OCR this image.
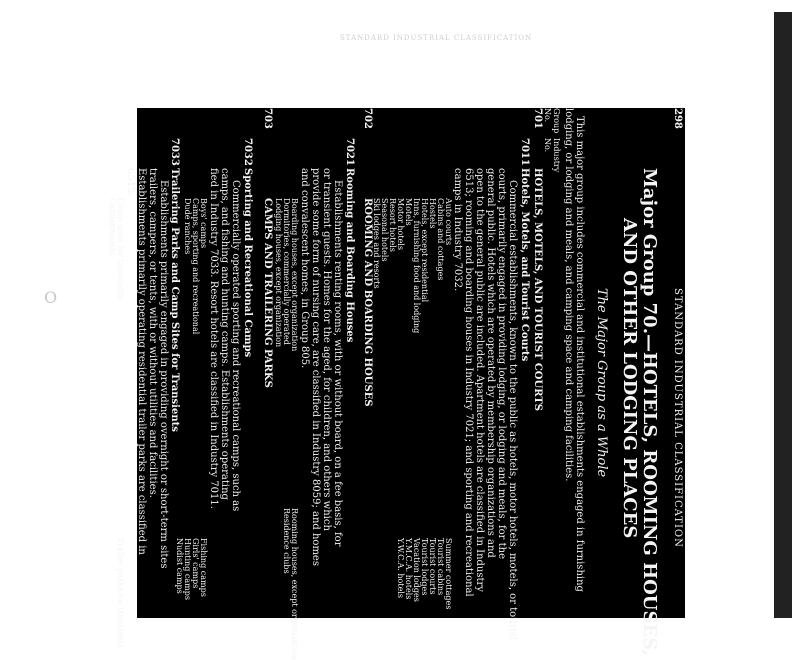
STANDARD INDUSTRIAL CLASSIFICATION
O
298
STANDARD INDUSTRIAL CLASSIFICATION
Major Group 70.—HOTELS, ROOMING HOUSES,
AND OTHER LODGING PLACES
The Major Group as a Whole
This major group includes commercial and institutional establishments engaged in furnishing
lodging, or lodging and meals, and camping space and camping facilities.
Group
Industry
No.
No.
701
HOTELS, MOTELS, AND TOURIST COURTS
7011
Hotels, Motels, and Tourist Courts
Commercial establishments, known to the public as hotels, motor hotels, motels, or tourist
courts, primarily engaged in providing lodging, or lodging and meals, for the
general public. Hotels which are operated by membership organizations and
open to the general public are included. Apartment hotels are classified in Industry
6513; rooming and boarding houses in Industry 7021; and sporting and recreational
camps in Industry 7032.
Auto courts
Cabins and cottages
Hostels
Hotels, except residential
Inns, furnishing food and lodging
Motels
Motor hotels
Resort hotels
Seasonal hotels
Ski lodges and resorts
Summer cottages
Tourist cabins
Tourist courts
Tourist lodges
Vacation lodges
Y.M.C.A. hotels
Y.W.C.A. hotels
702
ROOMING AND BOARDING HOUSES
7021
Rooming and Boarding Houses
Establishments renting rooms, with or without board, on a fee basis, for
or transient guests. Homes for the aged, for children, and others which
provide some form of nursing care, are classified in Industry 8059; and homes
and convalescent homes, in Group 805.
Boarding houses, except organization
Dormitories, commercially operated
Lodging houses, except organization
Rooming houses, except organization
Residence clubs
703
CAMPS AND TRAILERING PARKS
7032
Sporting and Recreational Camps
Commercially operated sporting and recreational camps, such as
camps, and fishing and hunting camps. Establishments operating
fied in Industry 7033. Resort hotels are classified in Industry 7011.
Boys' camps
Camps, sporting and recreational
Dude ranches
Fishing camps
Girls' camps
Hunting camps
Nudist camps
7033
Trailering Parks and Camp Sites for Transients
Establishments primarily engaged in providing overnight or short-term sites
trailers, campers, or tents, with or without utilities and facilities.
Establishments primarily operating residential trailer parks are classified in
6515.
Camp sites for transients
Campgrounds
Trailer parks for transients
